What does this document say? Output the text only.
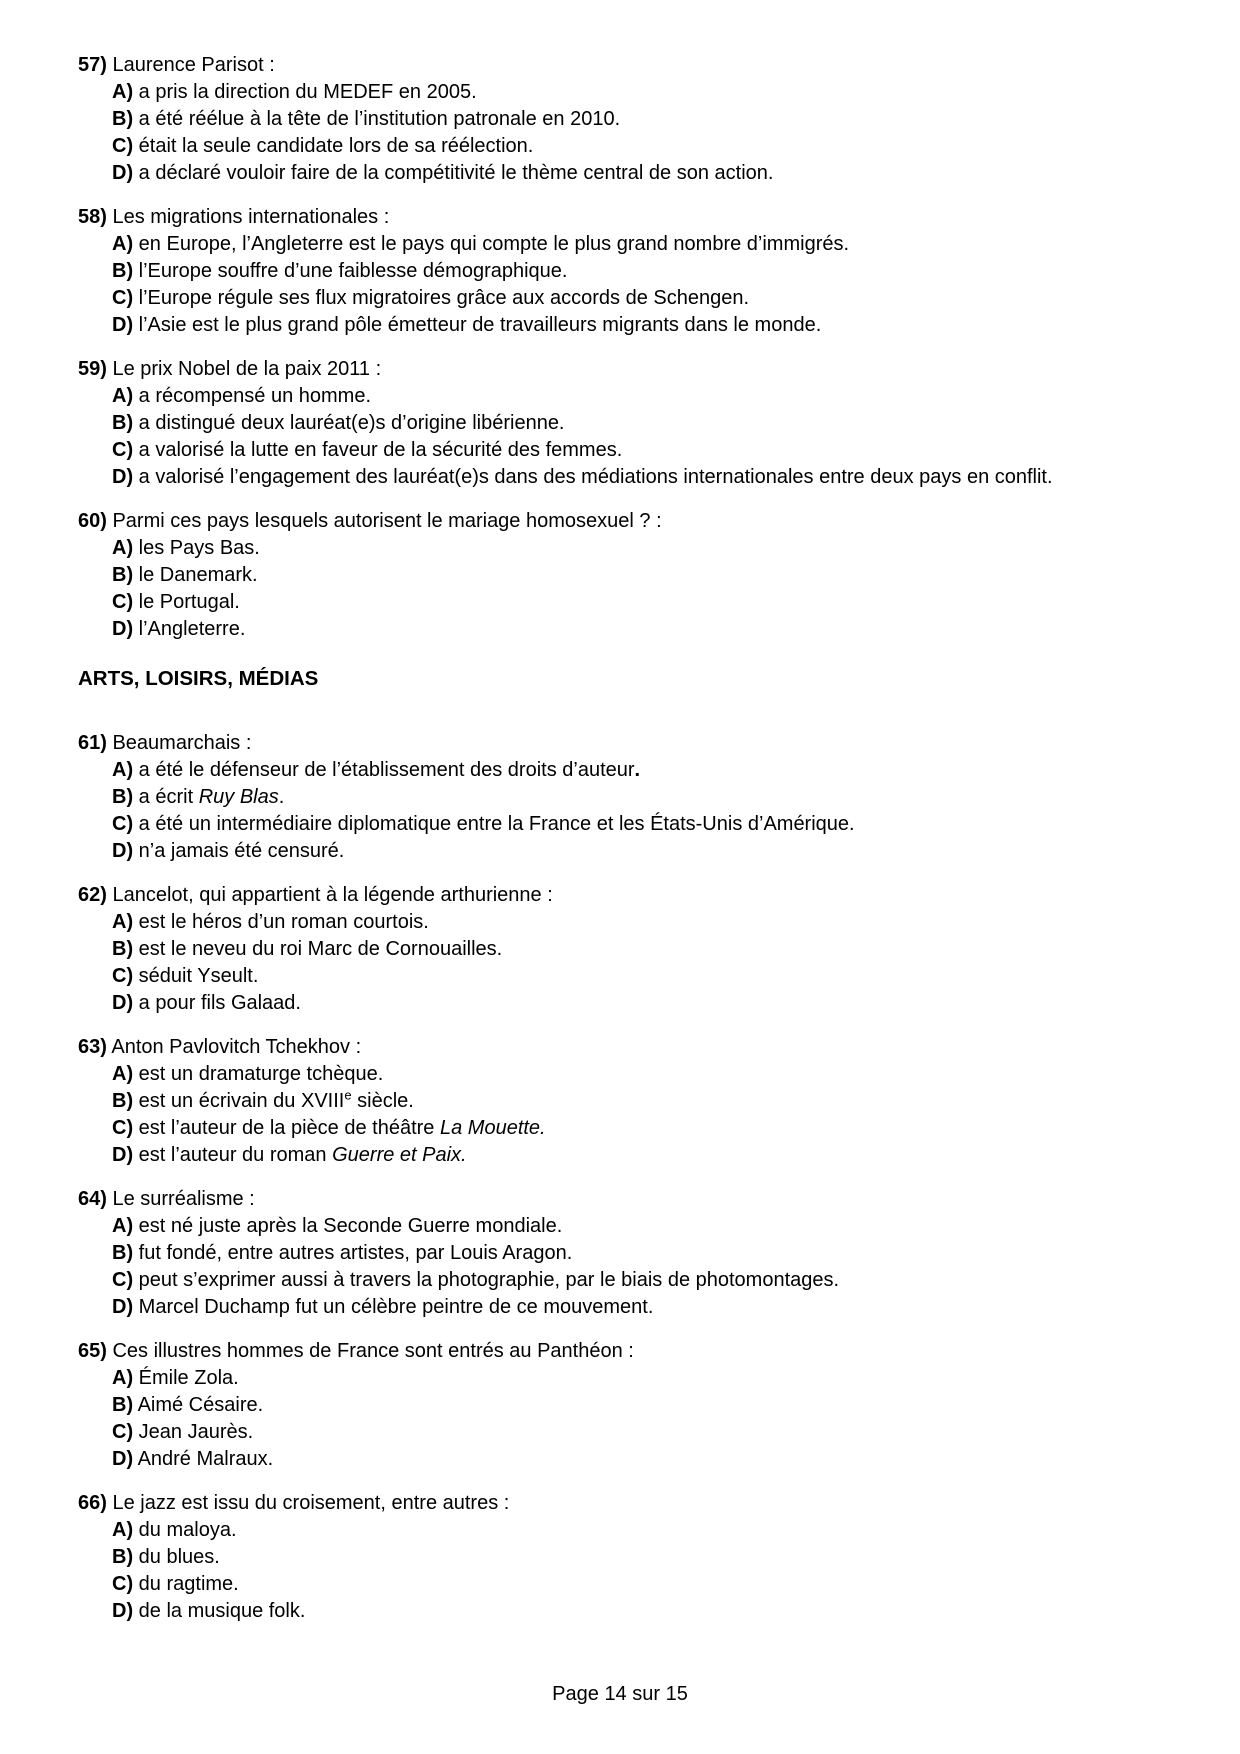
57) Laurence Parisot :

A) a pris la direction du MEDEF en 2005.

B) a été réélue à la tête de l’institution patronale en 2010.

C) était la seule candidate lors de sa réélection.

D) a déclaré vouloir faire de la compétitivité le thème central de son action.

58) Les migrations internationales :

A) en Europe, l’Angleterre est le pays qui compte le plus grand nombre d’immigrés.

B) l’Europe souffre d’une faiblesse démographique.

C) l’Europe régule ses flux migratoires grâce aux accords de Schengen.

D) l’Asie est le plus grand pôle émetteur de travailleurs migrants dans le monde.

59) Le prix Nobel de la paix 2011 :

A) a récompensé un homme.

B) a distingué deux lauréat(e)s d’origine libérienne.

C) a valorisé la lutte en faveur de la sécurité des femmes.

D) a valorisé l’engagement des lauréat(e)s dans des médiations internationales entre deux pays en conflit.

60) Parmi ces pays lesquels autorisent le mariage homosexuel ? :

A) les Pays Bas.

B) le Danemark.

C) le Portugal.

D) l’Angleterre.

ARTS, LOISIRS, MÉDIAS

61) Beaumarchais :

A) a été le défenseur de l’établissement des droits d’auteur.

B) a écrit Ruy Blas.

C) a été un intermédiaire diplomatique entre la France et les États-Unis d’Amérique.

D) n’a jamais été censuré.

62) Lancelot, qui appartient à la légende arthurienne :

A) est le héros d’un roman courtois.

B) est le neveu du roi Marc de Cornouailles.

C) séduit Yseult.

D) a pour fils Galaad.

63) Anton Pavlovitch Tchekhov :

A) est un dramaturge tchèque.

B) est un écrivain du XVIIIe siècle.

C) est l’auteur de la pièce de théâtre La Mouette.

D) est l’auteur du roman Guerre et Paix.

64) Le surréalisme :

A) est né juste après la Seconde Guerre mondiale.

B) fut fondé, entre autres artistes, par Louis Aragon.

C) peut s’exprimer aussi à travers la photographie, par le biais de photomontages.

D) Marcel Duchamp fut un célèbre peintre de ce mouvement.

65) Ces illustres hommes de France sont entrés au Panthéon :

A) Émile Zola.

B) Aimé Césaire.

C) Jean Jaurès.

D) André Malraux.

66) Le jazz est issu du croisement, entre autres :

A) du maloya.

B) du blues.

C) du ragtime.

D) de la musique folk.

Page 14 sur 15
